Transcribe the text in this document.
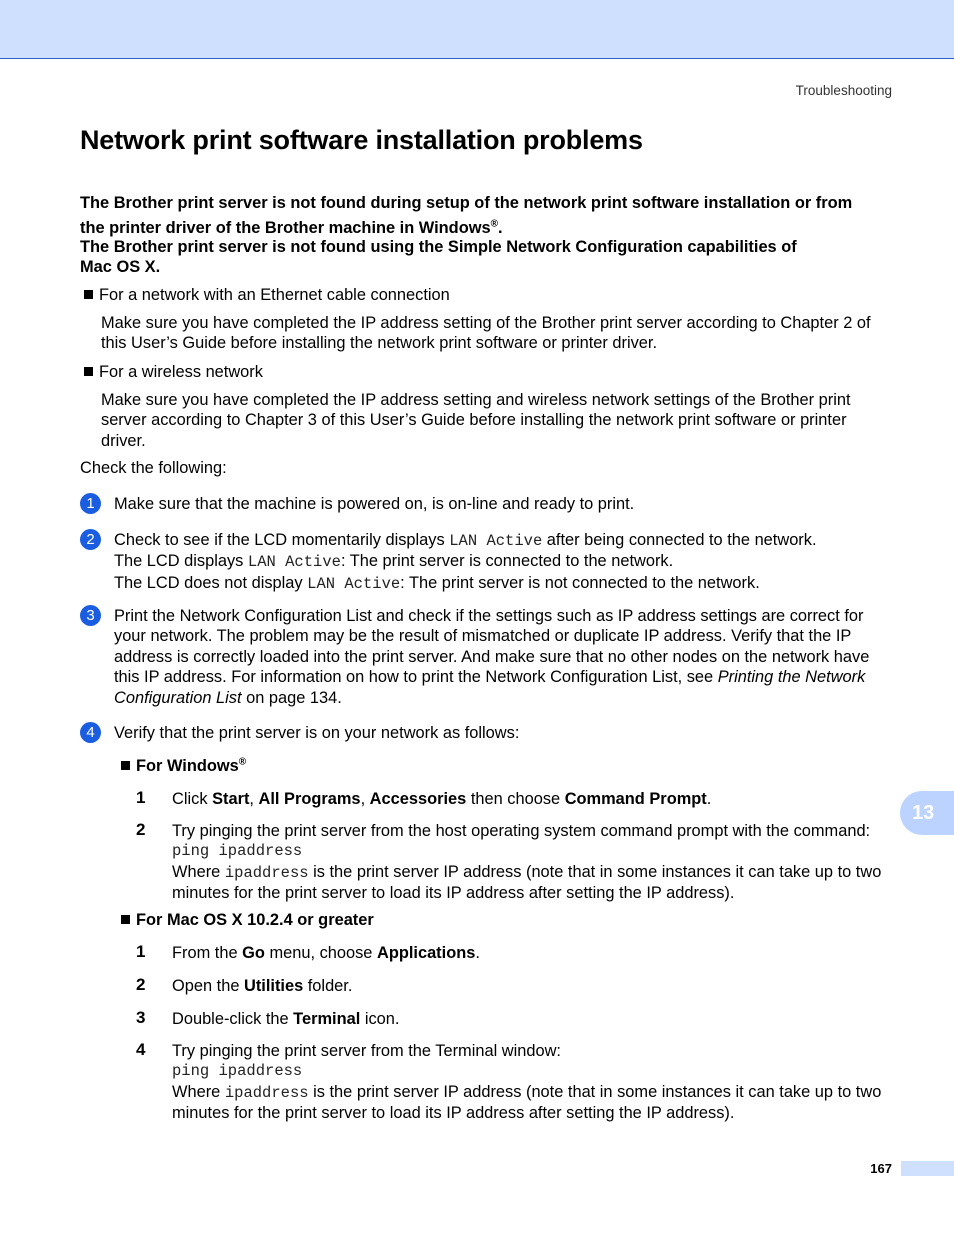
Troubleshooting
Network print software installation problems
The Brother print server is not found during setup of the network print software installation or from
the printer driver of the Brother machine in Windows®.
The Brother print server is not found using the Simple Network Configuration capabilities of
Mac OS X.
For a network with an Ethernet cable connection
Make sure you have completed the IP address setting of the Brother print server according to Chapter 2 of this User’s Guide before installing the network print software or printer driver.
For a wireless network
Make sure you have completed the IP address setting and wireless network settings of the Brother print server according to Chapter 3 of this User’s Guide before installing the network print software or printer driver.
Check the following:
1	Make sure that the machine is powered on, is on-line and ready to print.
2	Check to see if the LCD momentarily displays LAN Active after being connected to the network.
The LCD displays LAN Active: The print server is connected to the network.
The LCD does not display LAN Active: The print server is not connected to the network.
3	Print the Network Configuration List and check if the settings such as IP address settings are correct for your network. The problem may be the result of mismatched or duplicate IP address. Verify that the IP address is correctly loaded into the print server. And make sure that no other nodes on the network have this IP address. For information on how to print the Network Configuration List, see Printing the Network Configuration List on page 134.
4	Verify that the print server is on your network as follows:
For Windows®
1 Click Start, All Programs, Accessories then choose Command Prompt.
2 Try pinging the print server from the host operating system command prompt with the command:
ping ipaddress
Where ipaddress is the print server IP address (note that in some instances it can take up to two minutes for the print server to load its IP address after setting the IP address).
For Mac OS X 10.2.4 or greater
1 From the Go menu, choose Applications.
2 Open the Utilities folder.
3 Double-click the Terminal icon.
4 Try pinging the print server from the Terminal window:
ping ipaddress
Where ipaddress is the print server IP address (note that in some instances it can take up to two minutes for the print server to load its IP address after setting the IP address).
13
167
